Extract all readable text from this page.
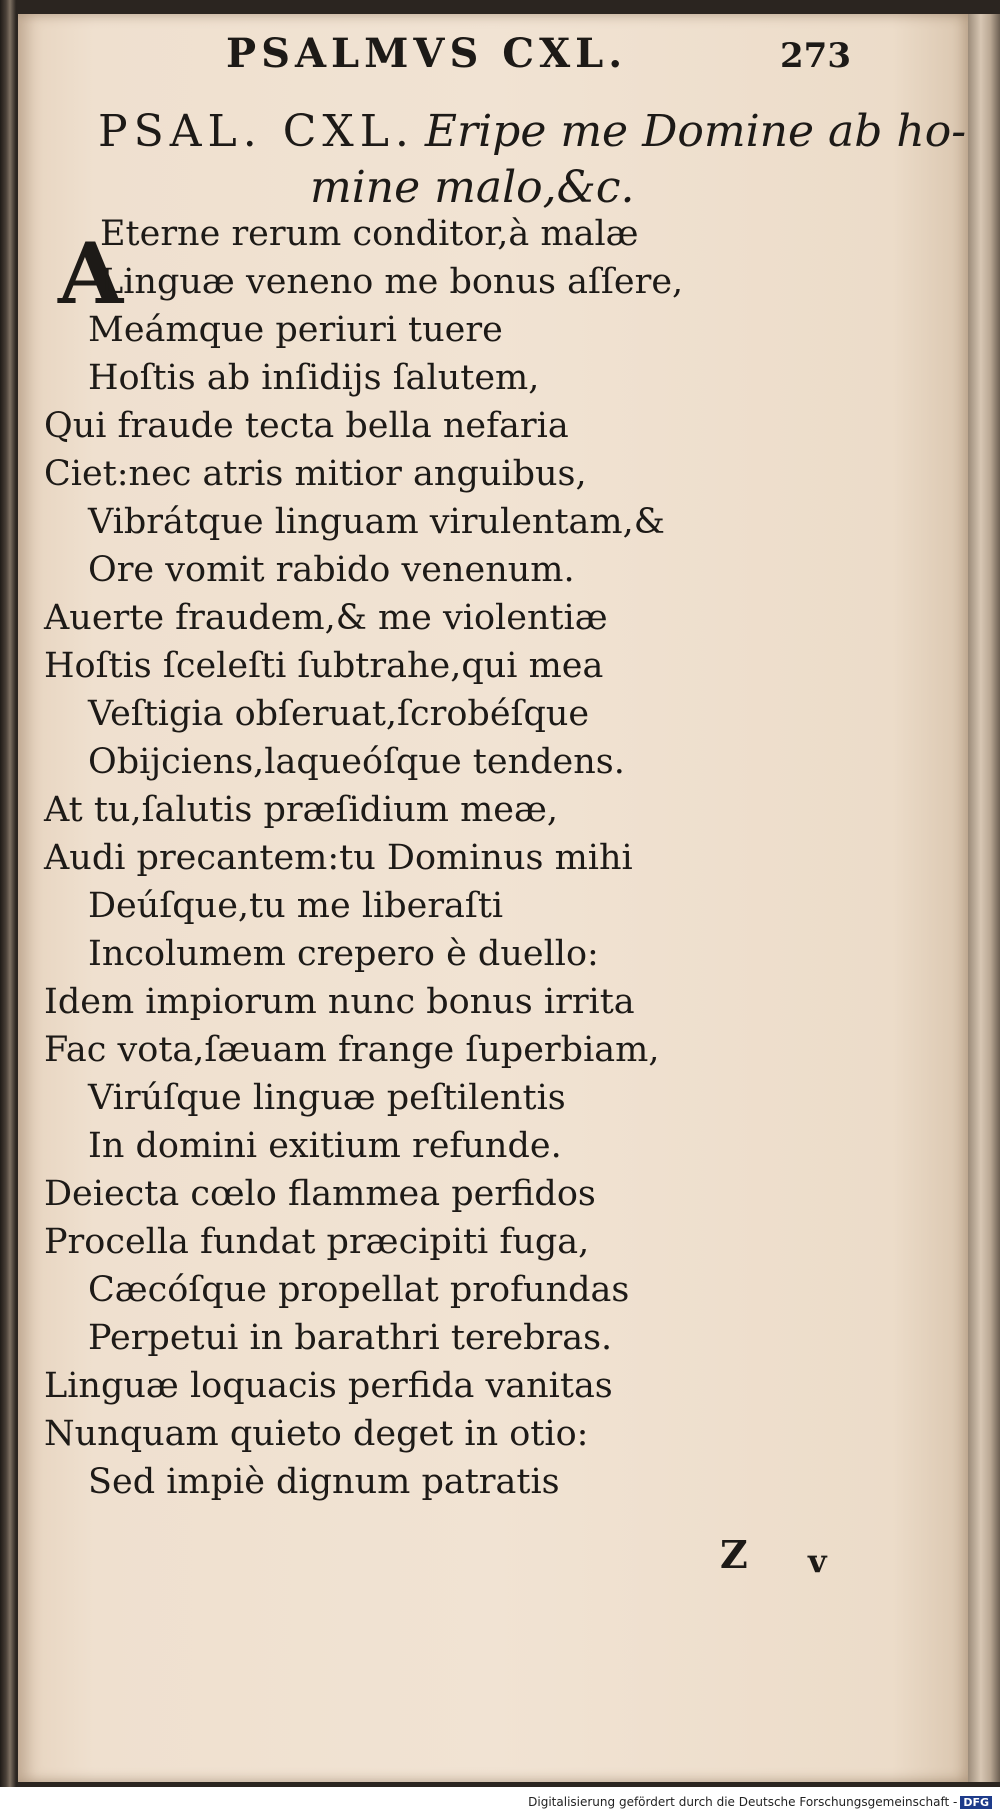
PSALMVS CXL.	273
PSAL. CXL. Eripe me Domine ab ho-
mine malo,&c.
A
Eterne rerum conditor,à malæ
Linguæ veneno me bonus aſſere,
Meámque periuri tuere
Hoſtis ab inſidijs ſalutem,
Qui fraude tecta bella nefaria
Ciet:nec atris mitior anguibus,
Vibrátque linguam virulentam,&
Ore vomit rabido venenum.
Auerte fraudem,& me violentiæ
Hoſtis ſceleſti ſubtrahe,qui mea
Veſtigia obſeruat,ſcrobéſque
Obijciens,laqueóſque tendens.
At tu,ſalutis præſidium meæ,
Audi precantem:tu Dominus mihi
Deúſque,tu me liberaſti
Incolumem crepero è duello:
Idem impiorum nunc bonus irrita
Fac vota,ſæuam frange ſuperbiam,
Virúſque linguæ peſtilentis
In domini exitium refunde.
Deiecta cœlo flammea perfidos
Procella fundat præcipiti fuga,
Cæcóſque propellat profundas
Perpetui in barathri terebras.
Linguæ loquacis perfida vanitas
Nunquam quieto deget in otio:
Sed impiè dignum patratis
Z v
Digitalisierung gefördert durch die Deutsche Forschungsgemeinschaft - DFG
